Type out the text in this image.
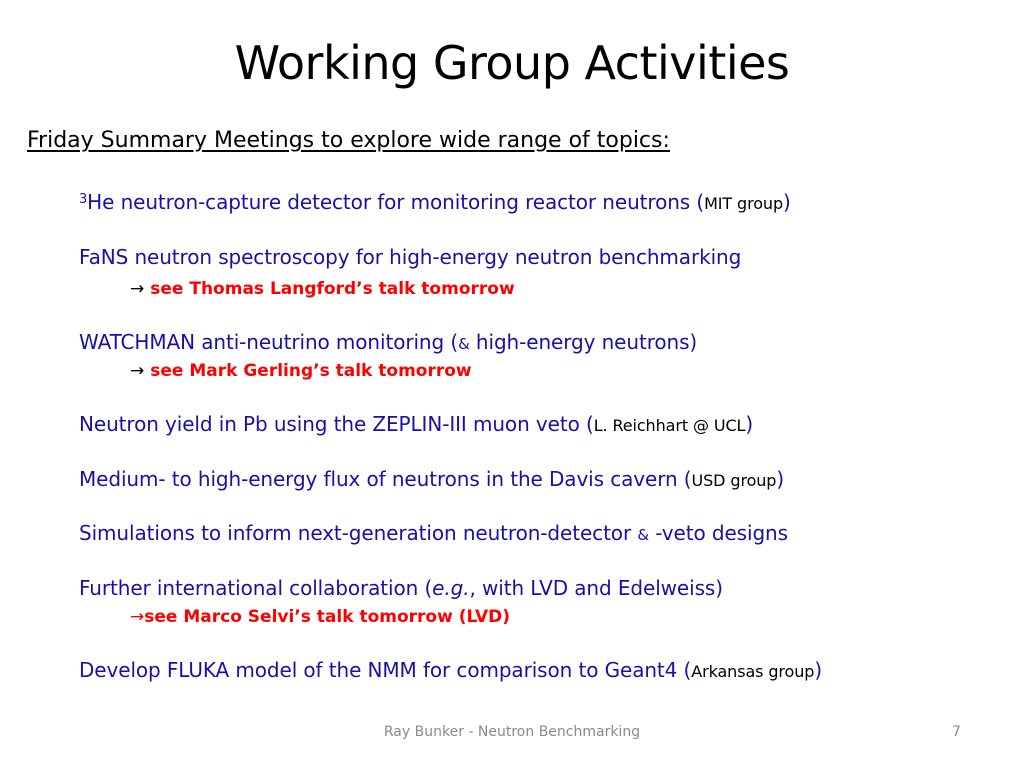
Working Group Activities
Friday Summary Meetings to explore wide range of topics:
$^3$He neutron-capture detector for monitoring reactor neutrons (MIT group)
FaNS neutron spectroscopy for high-energy neutron benchmarking
→ see Thomas Langford’s talk tomorrow
WATCHMAN anti-neutrino monitoring (& high-energy neutrons)
→ see Mark Gerling’s talk tomorrow
Neutron yield in Pb using the ZEPLIN-III muon veto (L. Reichhart @ UCL)
Medium- to high-energy flux of neutrons in the Davis cavern (USD group)
Simulations to inform next-generation neutron-detector & -veto designs
Further international collaboration (e.g., with LVD and Edelweiss)
→see Marco Selvi’s talk tomorrow (LVD)
Develop FLUKA model of the NMM for comparison to Geant4 (Arkansas group)
Ray Bunker - Neutron Benchmarking	7
